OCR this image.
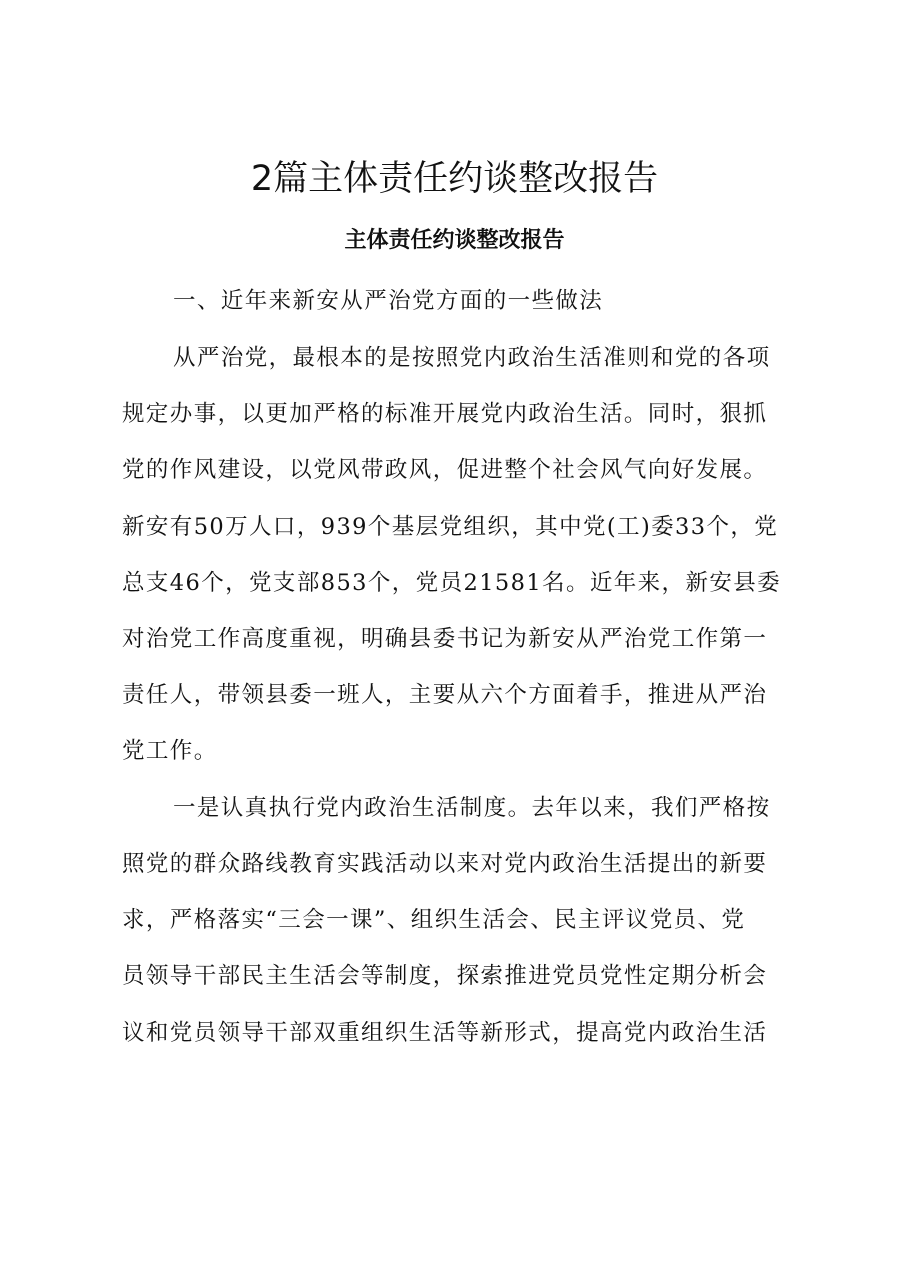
2篇主体责任约谈整改报告
主体责任约谈整改报告

一、近年来新安从严治党方面的一些做法

从严治党，最根本的是按照党内政治生活准则和党的各项

规定办事，以更加严格的标准开展党内政治生活。同时，狠抓

党的作风建设，以党风带政风，促进整个社会风气向好发展。

新安有50万人口，939个基层党组织，其中党(工)委33个，党

总支46个，党支部853个，党员21581名。近年来，新安县委

对治党工作高度重视，明确县委书记为新安从严治党工作第一

责任人，带领县委一班人，主要从六个方面着手，推进从严治

党工作。

一是认真执行党内政治生活制度。去年以来，我们严格按

照党的群众路线教育实践活动以来对党内政治生活提出的新要

求，严格落实“三会一课”、组织生活会、民主评议党员、党

员领导干部民主生活会等制度，探索推进党员党性定期分析会

议和党员领导干部双重组织生活等新形式，提高党内政治生活
